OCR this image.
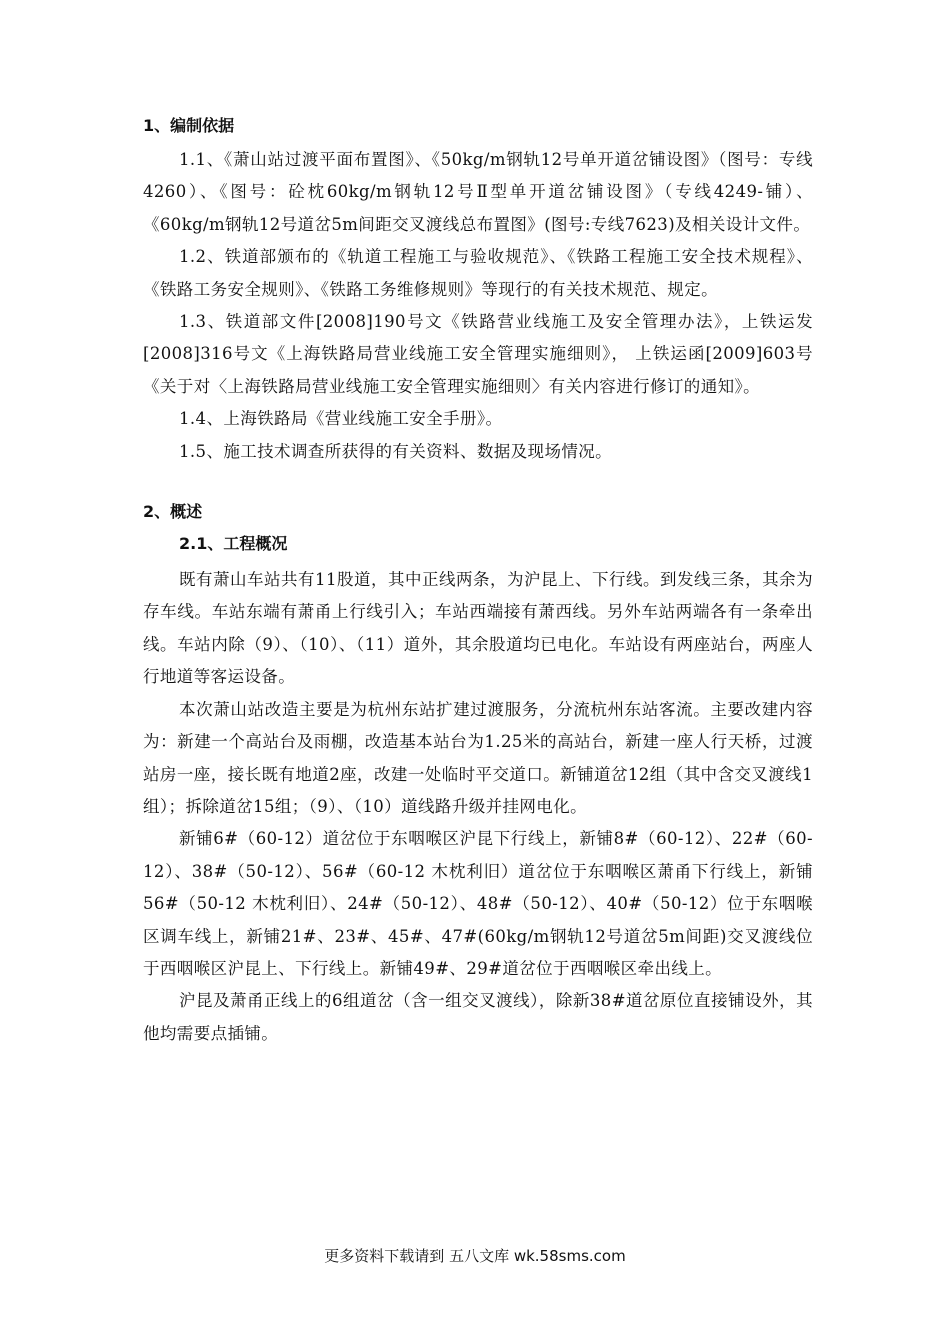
1、编制依据

1.1、《萧山站过渡平面布置图》、《50kg/m钢轨12号单开道岔铺设图》（图号：专线4260）、《图号：砼枕60kg/m钢轨12号Ⅱ型单开道岔铺设图》（专线4249-铺）、《60kg/m钢轨12号道岔5m间距交叉渡线总布置图》(图号:专线7623)及相关设计文件。

1.2、铁道部颁布的《轨道工程施工与验收规范》、《铁路工程施工安全技术规程》、《铁路工务安全规则》、《铁路工务维修规则》等现行的有关技术规范、规定。

1.3、铁道部文件[2008]190号文《铁路营业线施工及安全管理办法》，上铁运发[2008]316号文《上海铁路局营业线施工安全管理实施细则》， 上铁运函[2009]603号《关于对〈上海铁路局营业线施工安全管理实施细则〉有关内容进行修订的通知》。

1.4、上海铁路局《营业线施工安全手册》。

1.5、施工技术调查所获得的有关资料、数据及现场情况。

2、概述
2.1、工程概况

既有萧山车站共有11股道，其中正线两条，为沪昆上、下行线。到发线三条，其余为存车线。车站东端有萧甬上行线引入；车站西端接有萧西线。另外车站两端各有一条牵出线。车站内除（9）、（10）、（11）道外，其余股道均已电化。车站设有两座站台，两座人行地道等客运设备。

本次萧山站改造主要是为杭州东站扩建过渡服务，分流杭州东站客流。主要改建内容为：新建一个高站台及雨棚，改造基本站台为1.25米的高站台，新建一座人行天桥，过渡站房一座，接长既有地道2座，改建一处临时平交道口。新铺道岔12组（其中含交叉渡线1组）；拆除道岔15组；（9）、（10）道线路升级并挂网电化。

新铺6#（60-12）道岔位于东咽喉区沪昆下行线上，新铺8#（60-12）、22#（60-12）、38#（50-12）、56#（60-12 木枕利旧）道岔位于东咽喉区萧甬下行线上，新铺56#（50-12 木枕利旧）、24#（50-12）、48#（50-12）、40#（50-12）位于东咽喉区调车线上，新铺21#、23#、45#、47#(60kg/m钢轨12号道岔5m间距)交叉渡线位于西咽喉区沪昆上、下行线上。新铺49#、29#道岔位于西咽喉区牵出线上。

沪昆及萧甬正线上的6组道岔（含一组交叉渡线），除新38#道岔原位直接铺设外，其他均需要点插铺。

更多资料下载请到 五八文库 wk.58sms.com
